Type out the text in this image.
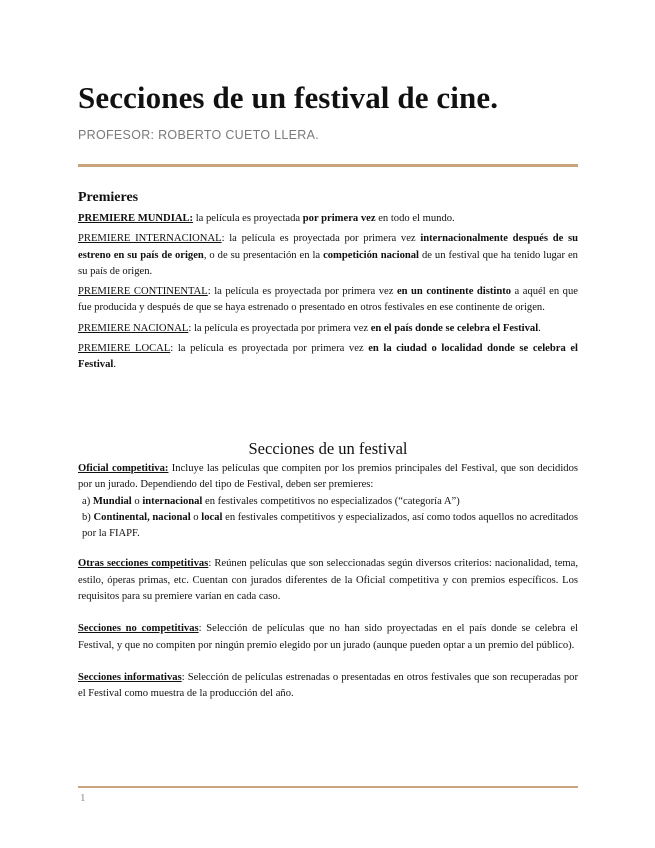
Secciones de un festival de cine.
PROFESOR: ROBERTO CUETO LLERA.
Premieres

PREMIERE MUNDIAL: la película es proyectada por primera vez en todo el mundo.

PREMIERE INTERNACIONAL: la película es proyectada por primera vez internacionalmente después de su estreno en su país de origen, o de su presentación en la competición nacional de un festival que ha tenido lugar en su país de origen.

PREMIERE CONTINENTAL: la película es proyectada por primera vez en un continente distinto a aquél en que fue producida y después de que se haya estrenado o presentado en otros festivales en ese continente de origen.

PREMIERE NACIONAL: la película es proyectada por primera vez en el país donde se celebra el Festival.

PREMIERE LOCAL: la película es proyectada por primera vez en la ciudad o localidad donde se celebra el Festival.

Secciones de un festival

Oficial competitiva: Incluye las películas que compiten por los premios principales del Festival, que son decididos por un jurado. Dependiendo del tipo de Festival, deben ser premieres:

a) Mundial o internacional en festivales competitivos no especializados (“categoría A”)

b) Continental, nacional o local en festivales competitivos y especializados, así como todos aquellos no acreditados por la FIAPF.

Otras secciones competitivas: Reúnen películas que son seleccionadas según diversos criterios: nacionalidad, tema, estilo, óperas primas, etc. Cuentan con jurados diferentes de la Oficial competitiva y con premios específicos. Los requisitos para su premiere varían en cada caso.

Secciones no competitivas: Selección de películas que no han sido proyectadas en el país donde se celebra el Festival, y que no compiten por ningún premio elegido por un jurado (aunque pueden optar a un premio del público).

Secciones informativas: Selección de películas estrenadas o presentadas en otros festivales que son recuperadas por el Festival como muestra de la producción del año.

1
